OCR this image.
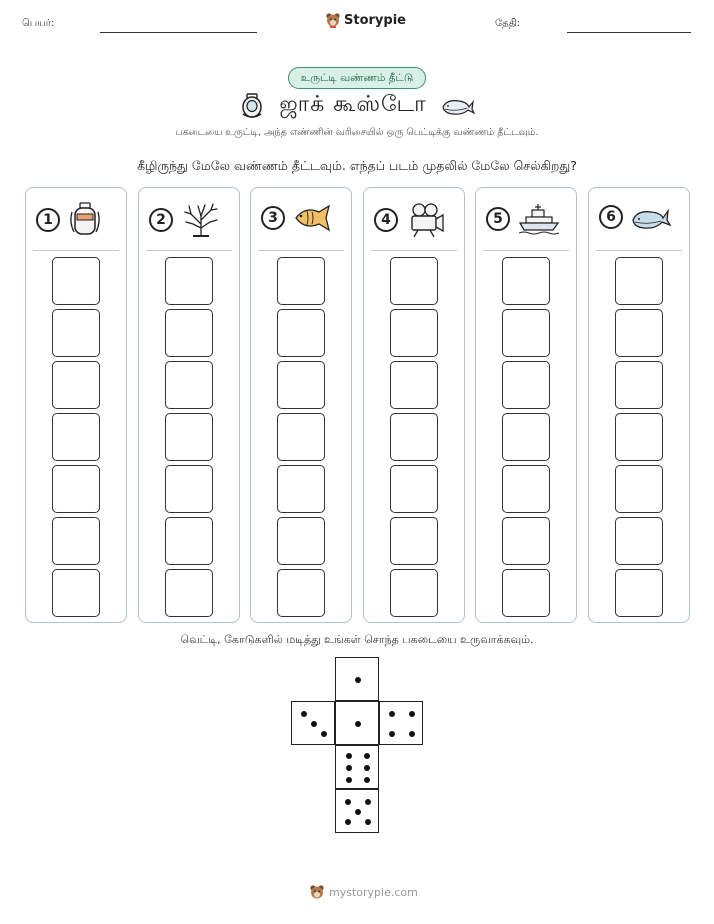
பெயர்:	Storypie	தேதி:
உருட்டி வண்ணம் தீட்டு
ஜாக் கூஸ்டோ
பகடையை உருட்டி, அந்த எண்ணின் வரிசையில் ஒரு பெட்டிக்கு வண்ணம் தீட்டவும்.
கீழிருந்து மேலே வண்ணம் தீட்டவும். எந்தப் படம் முதலில் மேலே செல்கிறது?
1	2	3	4	5	6
வெட்டி, கோடுகளில் மடித்து உங்கள் சொந்த பகடையை உருவாக்கவும்.
mystorypie.com
